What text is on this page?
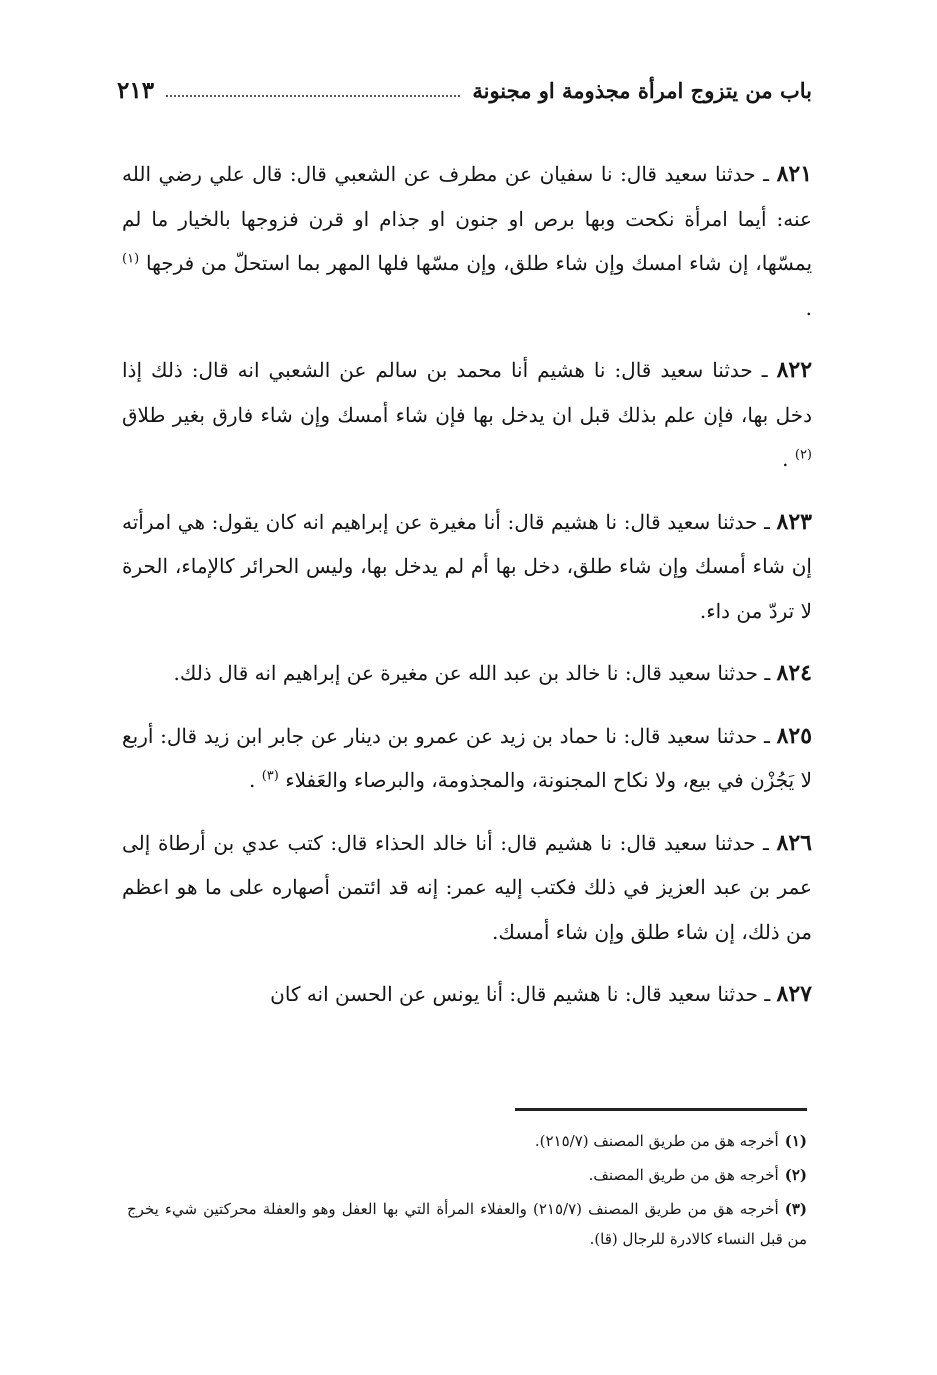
باب من يتزوج امرأة مجذومة او مجنونة
٢١٣

٨٢١ ـ حدثنا سعيد قال: نا سفيان عن مطرف عن الشعبي قال: قال علي رضي الله عنه: أيما امرأة نكحت وبها برص او جنون او جذام او قرن فزوجها بالخيار ما لم يمسّها، إن شاء امسك وإن شاء طلق، وإن مسّها فلها المهر بما استحلّ من فرجها $^{(١)}$ .

٨٢٢ ـ حدثنا سعيد قال: نا هشيم أنا محمد بن سالم عن الشعبي انه قال: ذلك إذا دخل بها، فإن علم بذلك قبل ان يدخل بها فإن شاء أمسك وإن شاء فارق بغير طلاق $^{(٢)}$ .

٨٢٣ ـ حدثنا سعيد قال: نا هشيم قال: أنا مغيرة عن إبراهيم انه كان يقول: هي امرأته إن شاء أمسك وإن شاء طلق، دخل بها أم لم يدخل بها، وليس الحرائر كالإماء، الحرة لا تردّ من داء.

٨٢٤ ـ حدثنا سعيد قال: نا خالد بن عبد الله عن مغيرة عن إبراهيم انه قال ذلك.

٨٢٥ ـ حدثنا سعيد قال: نا حماد بن زيد عن عمرو بن دينار عن جابر ابن زيد قال: أربع لا يَجُزْن في بيع، ولا نكاح المجنونة، والمجذومة، والبرصاء والعَفلاء $^{(٣)}$ .

٨٢٦ ـ حدثنا سعيد قال: نا هشيم قال: أنا خالد الحذاء قال: كتب عدي بن أرطاة إلى عمر بن عبد العزيز في ذلك فكتب إليه عمر: إنه قد ائتمن أصهاره على ما هو اعظم من ذلك، إن شاء طلق وإن شاء أمسك.

٨٢٧ ـ حدثنا سعيد قال: نا هشيم قال: أنا يونس عن الحسن انه كان

(١)أخرجه هق من طريق المصنف (٢١٥/٧).

(٢)أخرجه هق من طريق المصنف.

(٣)أخرجه هق من طريق المصنف (٢١٥/٧) والعفلاء المرأة التي بها العفل وهو والعفلة محركتين شيء يخرج من قبل النساء كالادرة للرجال (قا).
